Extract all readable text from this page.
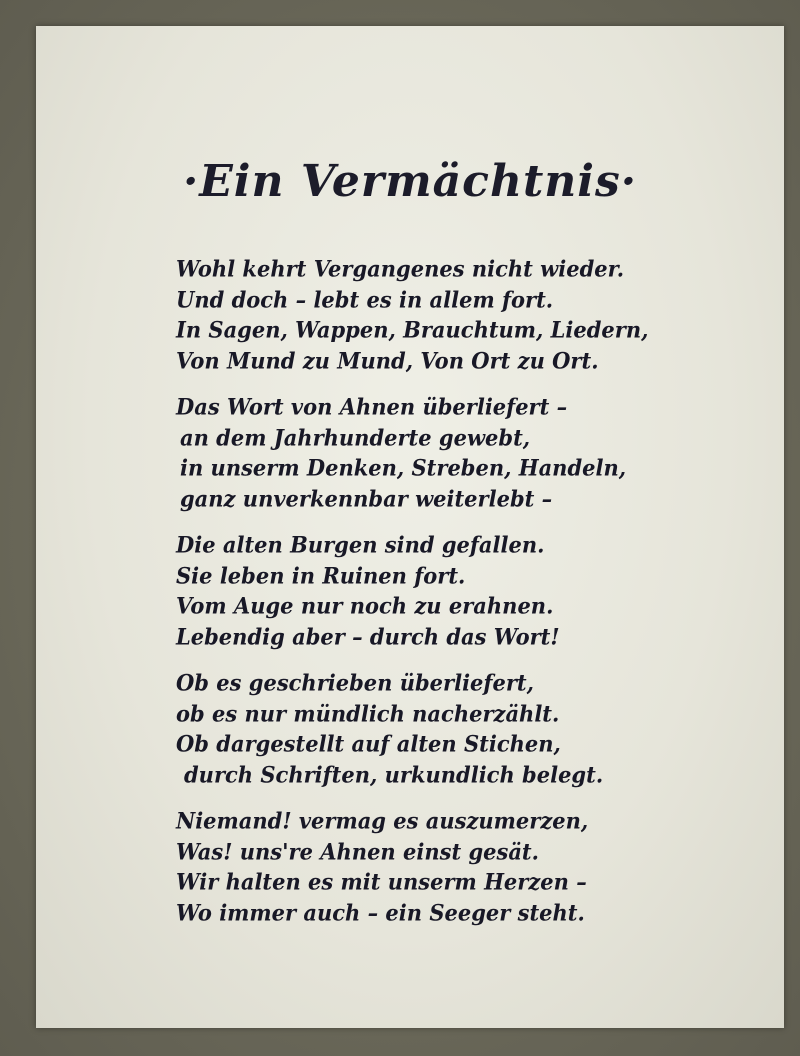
·Ein Vermächtnis·
Wohl kehrt Vergangenes nicht wieder.
Und doch – lebt es in allem fort.
In Sagen, Wappen, Brauchtum, Liedern,
Von Mund zu Mund, Von Ort zu Ort.
Das Wort von Ahnen überliefert –
an dem Jahrhunderte gewebt,
in unserm Denken, Streben, Handeln,
ganz unverkennbar weiterlebt –
Die alten Burgen sind gefallen.
Sie leben in Ruinen fort.
Vom Auge nur noch zu erahnen.
Lebendig aber – durch das Wort!
Ob es geschrieben überliefert,
ob es nur mündlich nacherzählt.
Ob dargestellt auf alten Stichen,
durch Schriften, urkundlich belegt.
Niemand! vermag es auszumerzen,
Was! uns're Ahnen einst gesät.
Wir halten es mit unserm Herzen –
Wo immer auch – ein Seeger steht.
